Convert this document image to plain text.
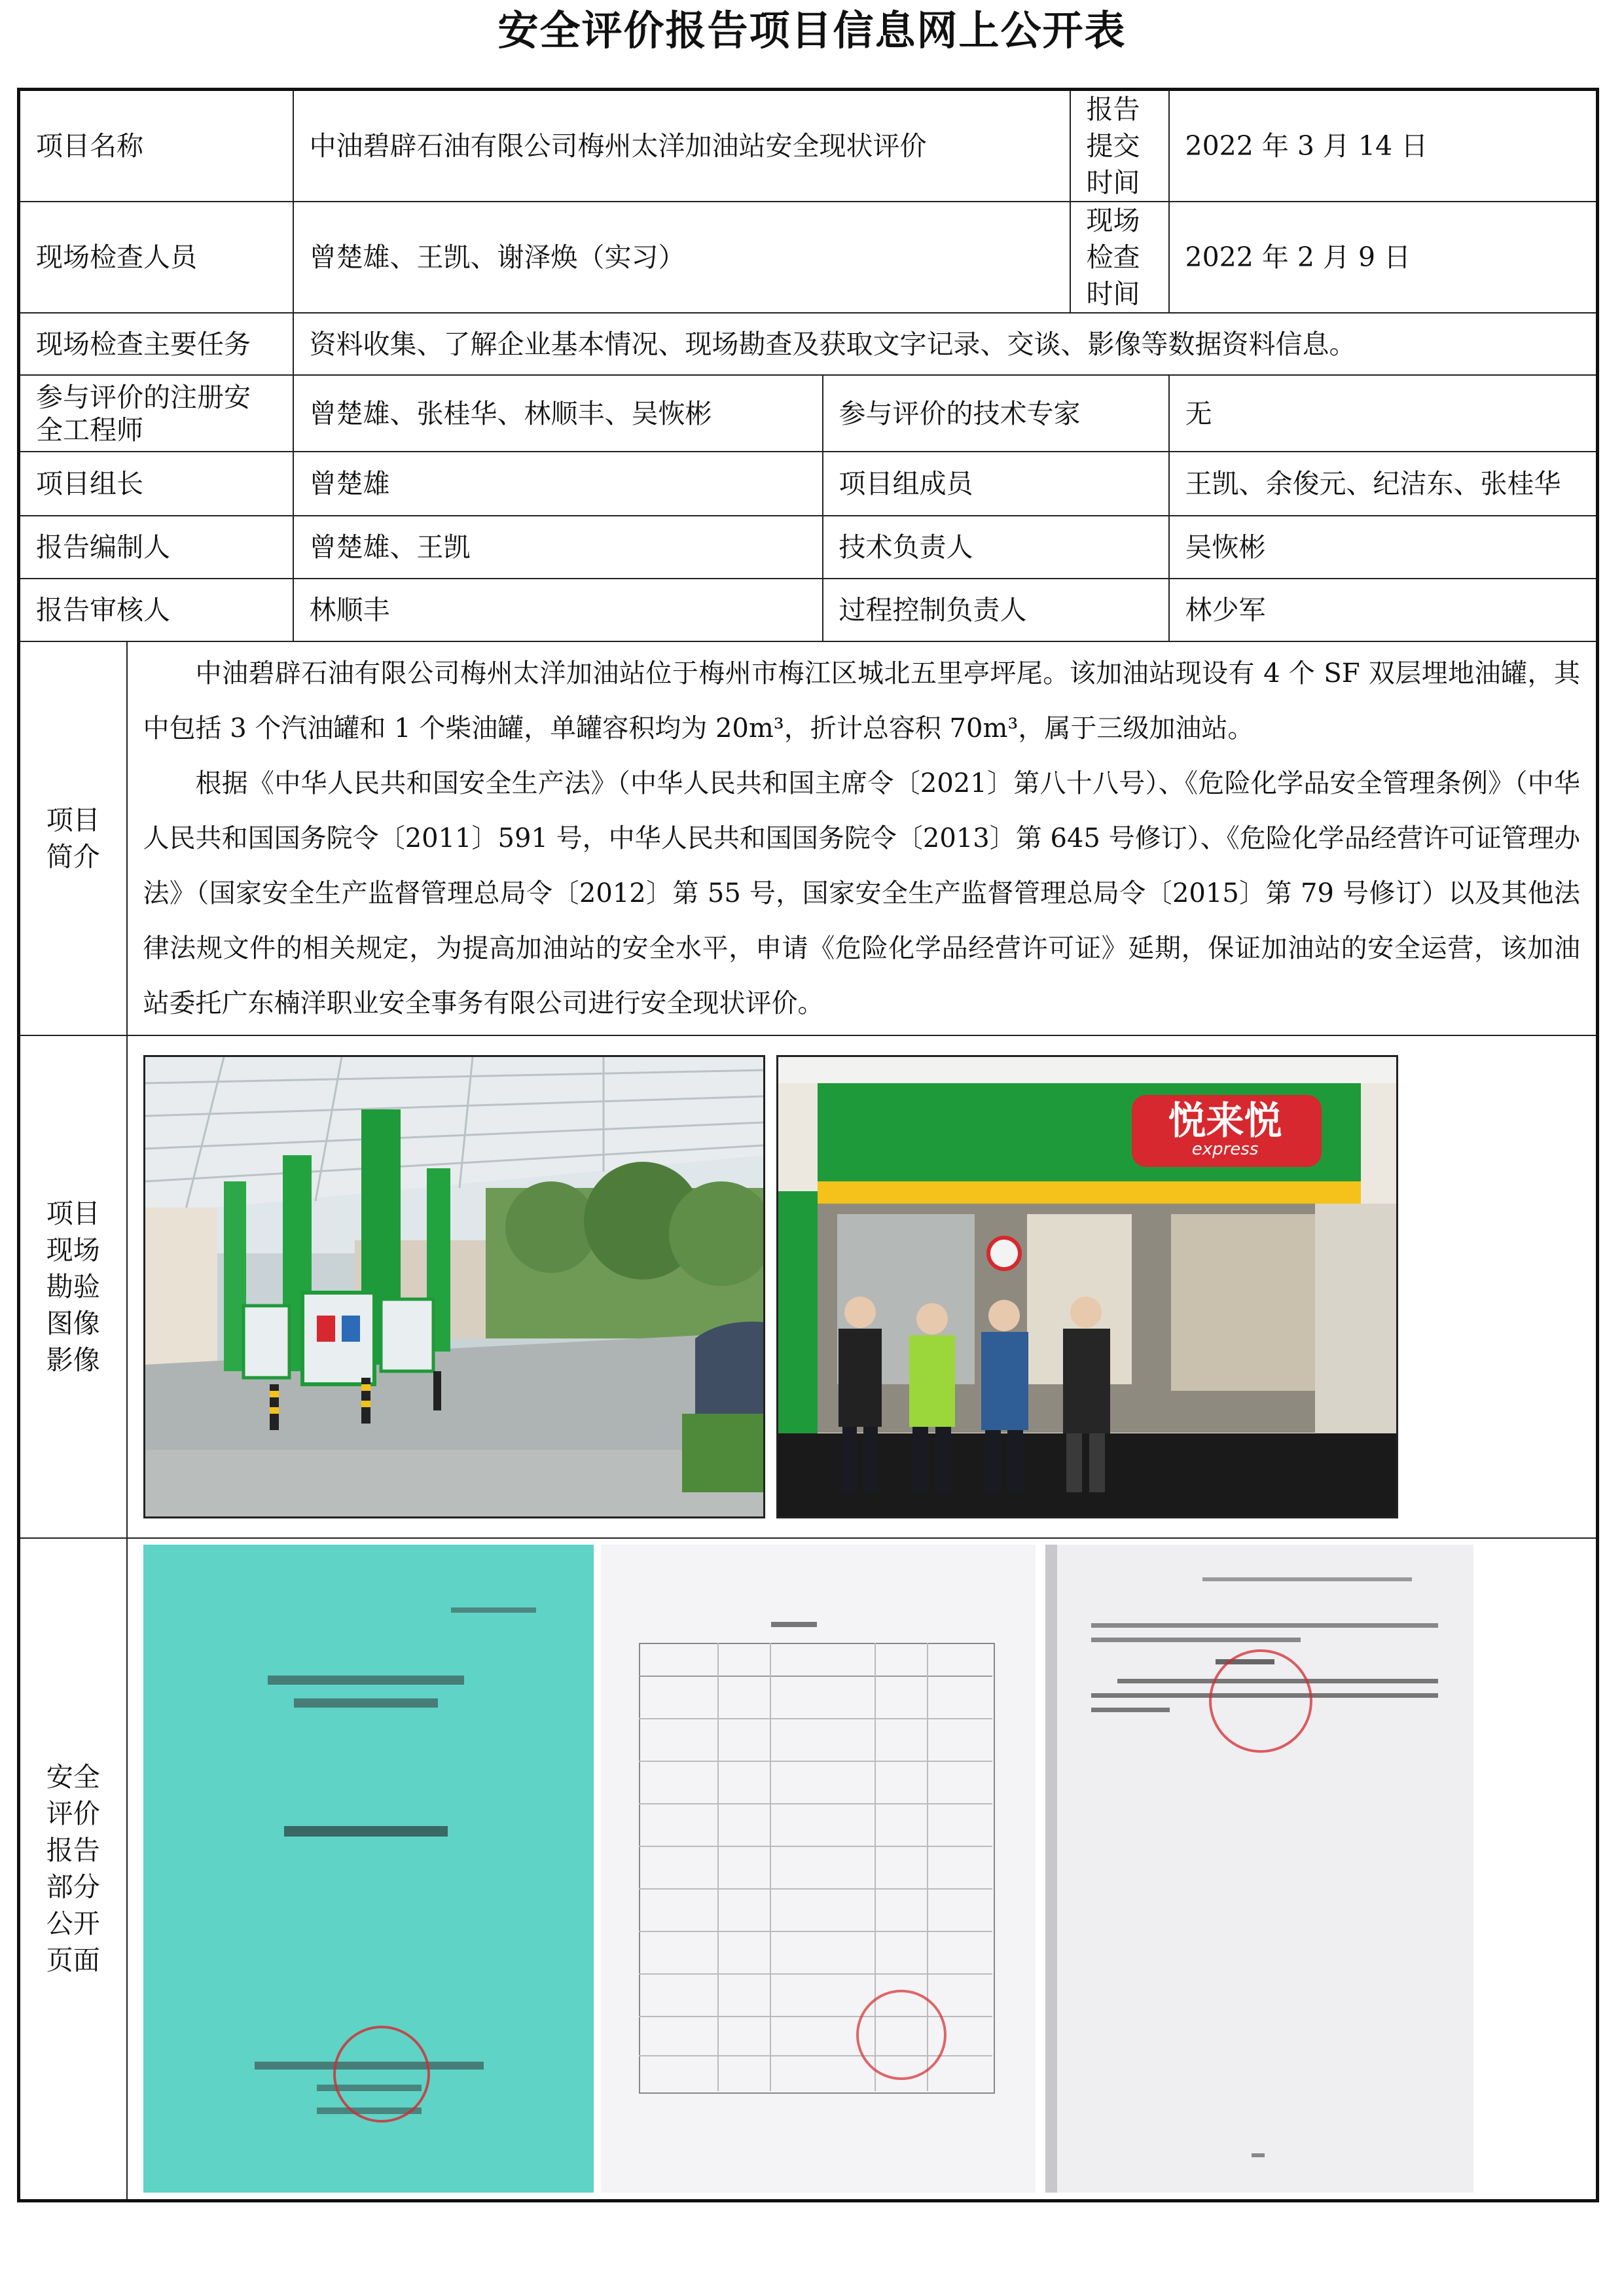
安全评价报告项目信息网上公开表
项目名称		中油碧辟石油有限公司梅州太洋加油站安全现状评价		报告提交时间	2022 年 3 月 14 日
现场检查人员		曾楚雄、王凯、谢泽焕（实习）		现场检查时间	2022 年 2 月 9 日
现场检查主要任务		资料收集、了解企业基本情况、现场勘查及获取文字记录、交谈、影像等数据资料信息。			
参与评价的注册安全工程师		曾楚雄、张桂华、林顺丰、吴恢彬	参与评价的技术专家		无
项目组长		曾楚雄	项目组成员		王凯、余俊元、纪洁东、张桂华
报告编制人		曾楚雄、王凯	技术负责人		吴恢彬
报告审核人		林顺丰	过程控制负责人		林少军

项目简介	中油碧辟石油有限公司梅州太洋加油站位于梅州市梅江区城北五里亭坪尾。该加油站现设有 4 个 SF 双层埋地油罐，其中包括 3 个汽油罐和 1 个柴油罐，单罐容积均为 20m³，折计总容积 70m³，属于三级加油站。

根据《中华人民共和国安全生产法》（中华人民共和国主席令〔2021〕第八十八号）、《危险化学品安全管理条例》（中华人民共和国国务院令〔2011〕591 号，中华人民共和国国务院令〔2013〕第 645 号修订）、《危险化学品经营许可证管理办法》（国家安全生产监督管理总局令〔2012〕第 55 号，国家安全生产监督管理总局令〔2015〕第 79 号修订）以及其他法律法规文件的相关规定，为提高加油站的安全水平，申请《危险化学品经营许可证》延期，保证加油站的安全运营，该加油站委托广东楠洋职业安全事务有限公司进行安全现状评价。				

项目现场勘验图像影像	悦来悦
express				

安全评价报告部分公开页面					
